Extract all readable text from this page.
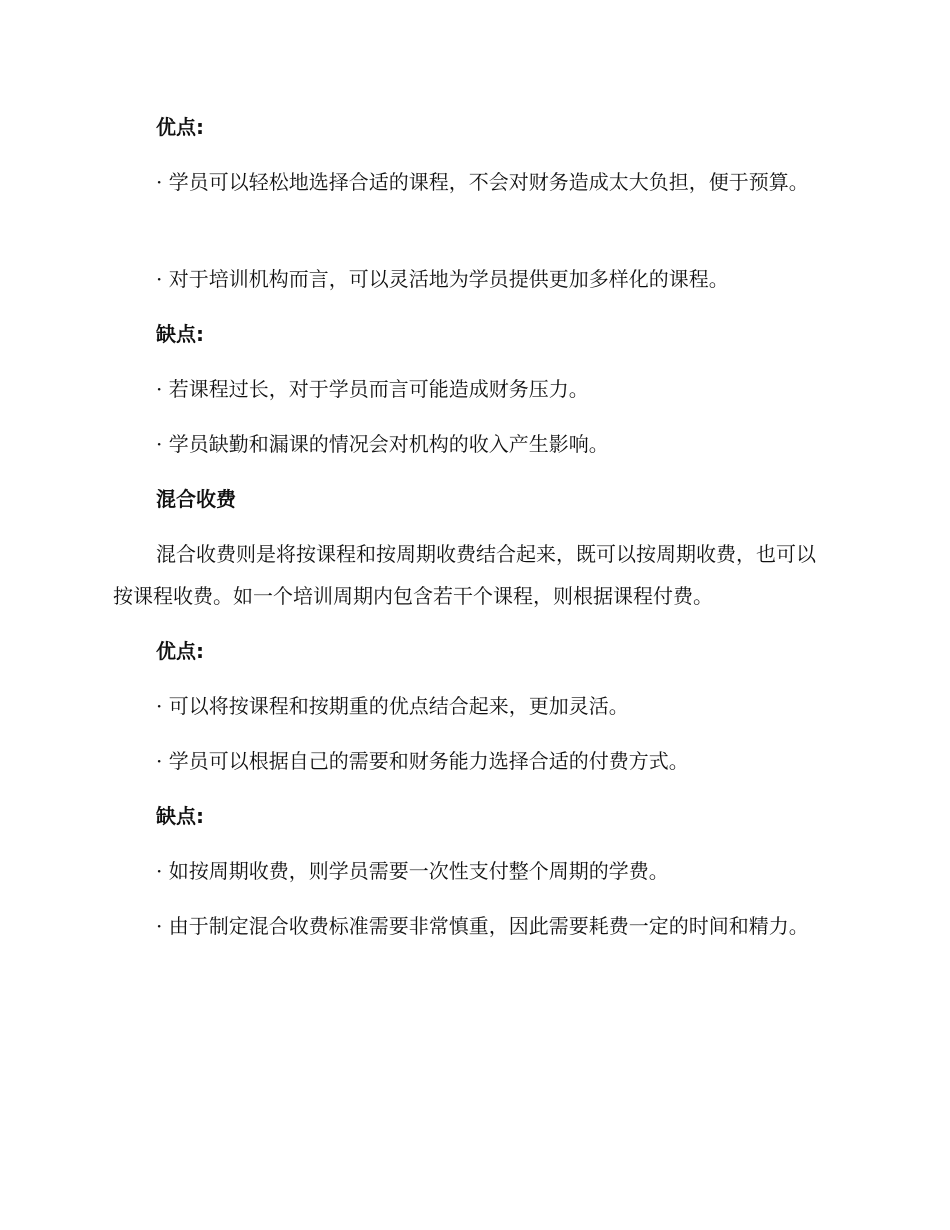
优点:

· 学员可以轻松地选择合适的课程，不会对财务造成太大负担，便于预算。

· 对于培训机构而言，可以灵活地为学员提供更加多样化的课程。

缺点:

· 若课程过长，对于学员而言可能造成财务压力。

· 学员缺勤和漏课的情况会对机构的收入产生影响。

混合收费

混合收费则是将按课程和按周期收费结合起来，既可以按周期收费，也可以按课程收费。如一个培训周期内包含若干个课程，则根据课程付费。

优点:

· 可以将按课程和按期重的优点结合起来，更加灵活。

· 学员可以根据自己的需要和财务能力选择合适的付费方式。

缺点:

· 如按周期收费，则学员需要一次性支付整个周期的学费。

· 由于制定混合收费标准需要非常慎重，因此需要耗费一定的时间和精力。
